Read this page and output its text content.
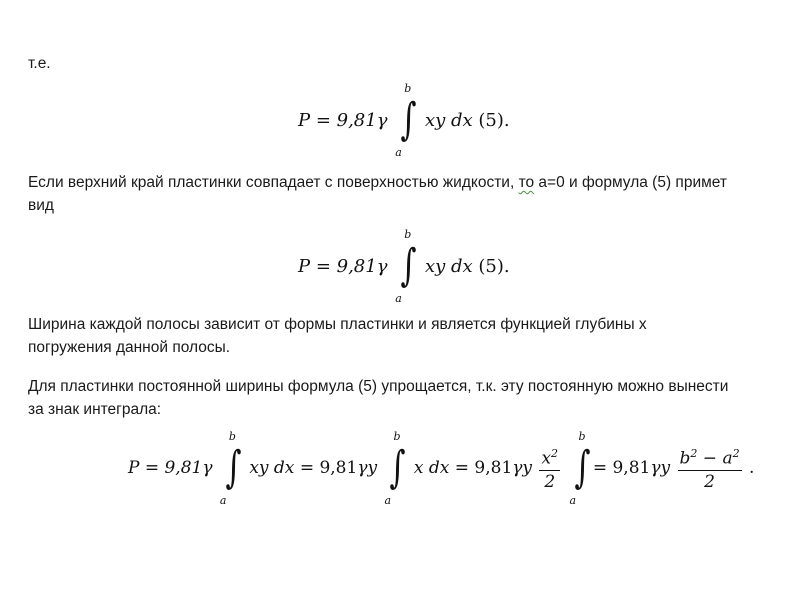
т.е.
P = 9,81γ ∫
b
a
xy dx (5).
Если верхний край пластинки совпадает с поверхностью жидкости, то a=0 и формула (5) примет
вид
P = 9,81γ ∫
b
a
xy dx (5).
Ширина каждой полосы зависит от формы пластинки и является функцией глубины x
погружения данной полосы.
Для пластинки постоянной ширины формула (5) упрощается, т.к. эту постоянную можно вынести
за знак интеграла:
P = 9,81γ ∫
b
a
xy dx = 9,81γy ∫
b
a
x dx = $9,81\gamma y \frac{x^2}{2}$
∫
b
a
= $9,81\gamma y \frac{b^2 - a^2}{2}$ .
